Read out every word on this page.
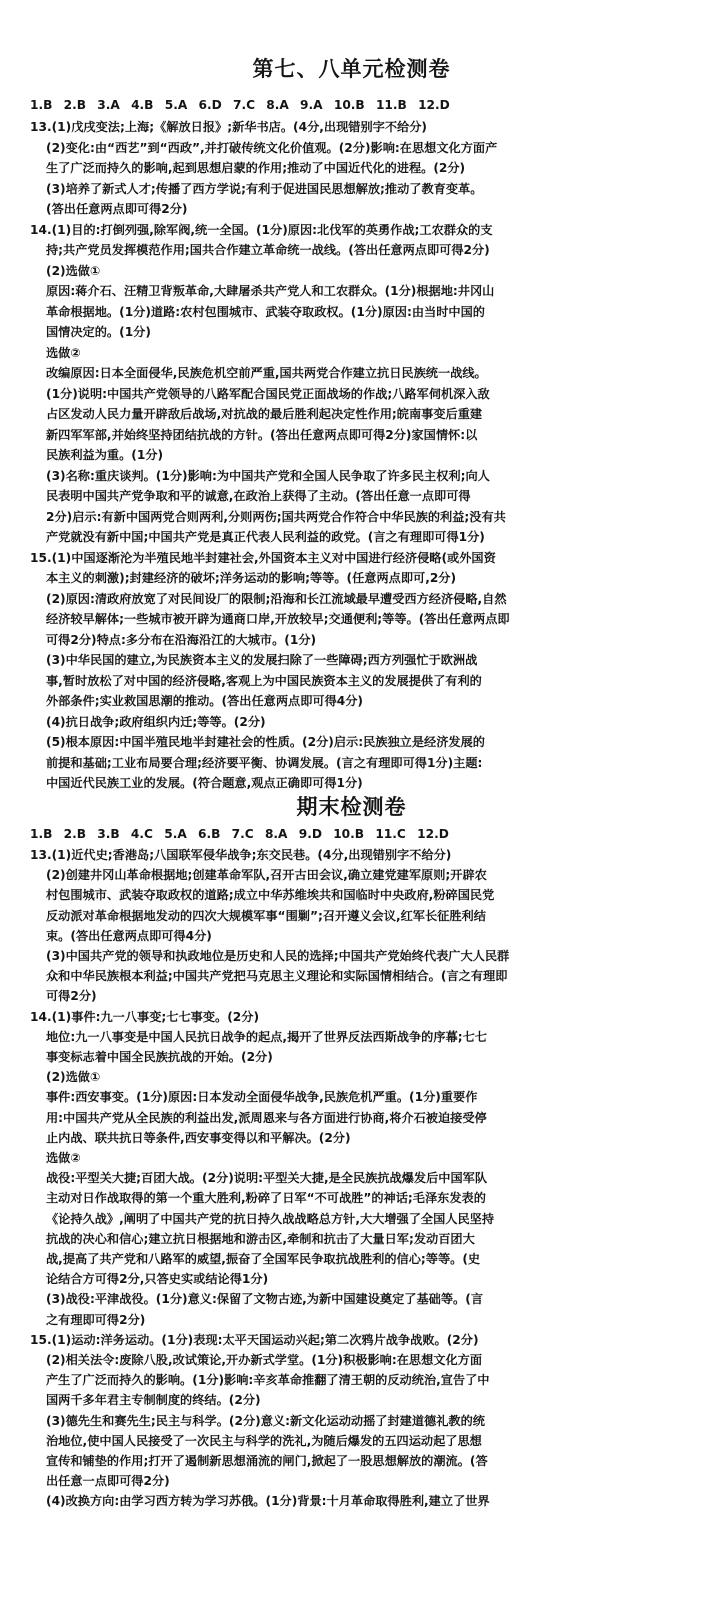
第七、八单元检测卷
1.B 2.B 3.A 4.B 5.A 6.D 7.C 8.A 9.A 10.B 11.B 12.D
13.(1)戊戌变法;上海;《解放日报》;新华书店。(4分,出现错别字不给分)
(2)变化:由“西艺”到“西政”,并打破传统文化价值观。(2分)影响:在思想文化方面产
生了广泛而持久的影响,起到思想启蒙的作用;推动了中国近代化的进程。(2分)
(3)培养了新式人才;传播了西方学说;有利于促进国民思想解放;推动了教育变革。
(答出任意两点即可得2分)
14.(1)目的:打倒列强,除军阀,统一全国。(1分)原因:北伐军的英勇作战;工农群众的支
持;共产党员发挥模范作用;国共合作建立革命统一战线。(答出任意两点即可得2分)
(2)选做①
原因:蒋介石、汪精卫背叛革命,大肆屠杀共产党人和工农群众。(1分)根据地:井冈山
革命根据地。(1分)道路:农村包围城市、武装夺取政权。(1分)原因:由当时中国的
国情决定的。(1分)
选做②
改编原因:日本全面侵华,民族危机空前严重,国共两党合作建立抗日民族统一战线。
(1分)说明:中国共产党领导的八路军配合国民党正面战场的作战;八路军伺机深入敌
占区发动人民力量开辟敌后战场,对抗战的最后胜利起决定性作用;皖南事变后重建
新四军军部,并始终坚持团结抗战的方针。(答出任意两点即可得2分)家国情怀:以
民族利益为重。(1分)
(3)名称:重庆谈判。(1分)影响:为中国共产党和全国人民争取了许多民主权利;向人
民表明中国共产党争取和平的诚意,在政治上获得了主动。(答出任意一点即可得
2分)启示:有新中国两党合则两利,分则两伤;国共两党合作符合中华民族的利益;没有共
产党就没有新中国;中国共产党是真正代表人民利益的政党。(言之有理即可得1分)
15.(1)中国逐渐沦为半殖民地半封建社会,外国资本主义对中国进行经济侵略(或外国资
本主义的刺激);封建经济的破坏;洋务运动的影响;等等。(任意两点即可,2分)
(2)原因:清政府放宽了对民间设厂的限制;沿海和长江流域最早遭受西方经济侵略,自然
经济较早解体;一些城市被开辟为通商口岸,开放较早;交通便利;等等。(答出任意两点即
可得2分)特点:多分布在沿海沿江的大城市。(1分)
(3)中华民国的建立,为民族资本主义的发展扫除了一些障碍;西方列强忙于欧洲战
事,暂时放松了对中国的经济侵略,客观上为中国民族资本主义的发展提供了有利的
外部条件;实业救国思潮的推动。(答出任意两点即可得4分)
(4)抗日战争;政府组织内迁;等等。(2分)
(5)根本原因:中国半殖民地半封建社会的性质。(2分)启示:民族独立是经济发展的
前提和基础;工业布局要合理;经济要平衡、协调发展。(言之有理即可得1分)主题:
中国近代民族工业的发展。(符合题意,观点正确即可得1分)
期末检测卷
1.B 2.B 3.B 4.C 5.A 6.B 7.C 8.A 9.D 10.B 11.C 12.D
13.(1)近代史;香港岛;八国联军侵华战争;东交民巷。(4分,出现错别字不给分)
(2)创建井冈山革命根据地;创建革命军队,召开古田会议,确立建党建军原则;开辟农
村包围城市、武装夺取政权的道路;成立中华苏维埃共和国临时中央政府,粉碎国民党
反动派对革命根据地发动的四次大规模军事“围剿”;召开遵义会议,红军长征胜利结
束。(答出任意两点即可得4分)
(3)中国共产党的领导和执政地位是历史和人民的选择;中国共产党始终代表广大人民群
众和中华民族根本利益;中国共产党把马克思主义理论和实际国情相结合。(言之有理即
可得2分)
14.(1)事件:九一八事变;七七事变。(2分)
地位:九一八事变是中国人民抗日战争的起点,揭开了世界反法西斯战争的序幕;七七
事变标志着中国全民族抗战的开始。(2分)
(2)选做①
事件:西安事变。(1分)原因:日本发动全面侵华战争,民族危机严重。(1分)重要作
用:中国共产党从全民族的利益出发,派周恩来与各方面进行协商,将介石被迫接受停
止内战、联共抗日等条件,西安事变得以和平解决。(2分)
选做②
战役:平型关大捷;百团大战。(2分)说明:平型关大捷,是全民族抗战爆发后中国军队
主动对日作战取得的第一个重大胜利,粉碎了日军“不可战胜”的神话;毛泽东发表的
《论持久战》,阐明了中国共产党的抗日持久战战略总方针,大大增强了全国人民坚持
抗战的决心和信心;建立抗日根据地和游击区,牵制和抗击了大量日军;发动百团大
战,提高了共产党和八路军的威望,振奋了全国军民争取抗战胜利的信心;等等。(史
论结合方可得2分,只答史实或结论得1分)
(3)战役:平津战役。(1分)意义:保留了文物古迹,为新中国建设奠定了基础等。(言
之有理即可得2分)
15.(1)运动:洋务运动。(1分)表现:太平天国运动兴起;第二次鸦片战争战败。(2分)
(2)相关法令:废除八股,改试策论,开办新式学堂。(1分)积极影响:在思想文化方面
产生了广泛而持久的影响。(1分)影响:辛亥革命推翻了清王朝的反动统治,宣告了中
国两千多年君主专制制度的终结。(2分)
(3)德先生和赛先生;民主与科学。(2分)意义:新文化运动动摇了封建道德礼教的统
治地位,使中国人民接受了一次民主与科学的洗礼,为随后爆发的五四运动起了思想
宣传和铺垫的作用;打开了遏制新思想涌流的闸门,掀起了一股思想解放的潮流。(答
出任意一点即可得2分)
(4)改换方向:由学习西方转为学习苏俄。(1分)背景:十月革命取得胜利,建立了世界
